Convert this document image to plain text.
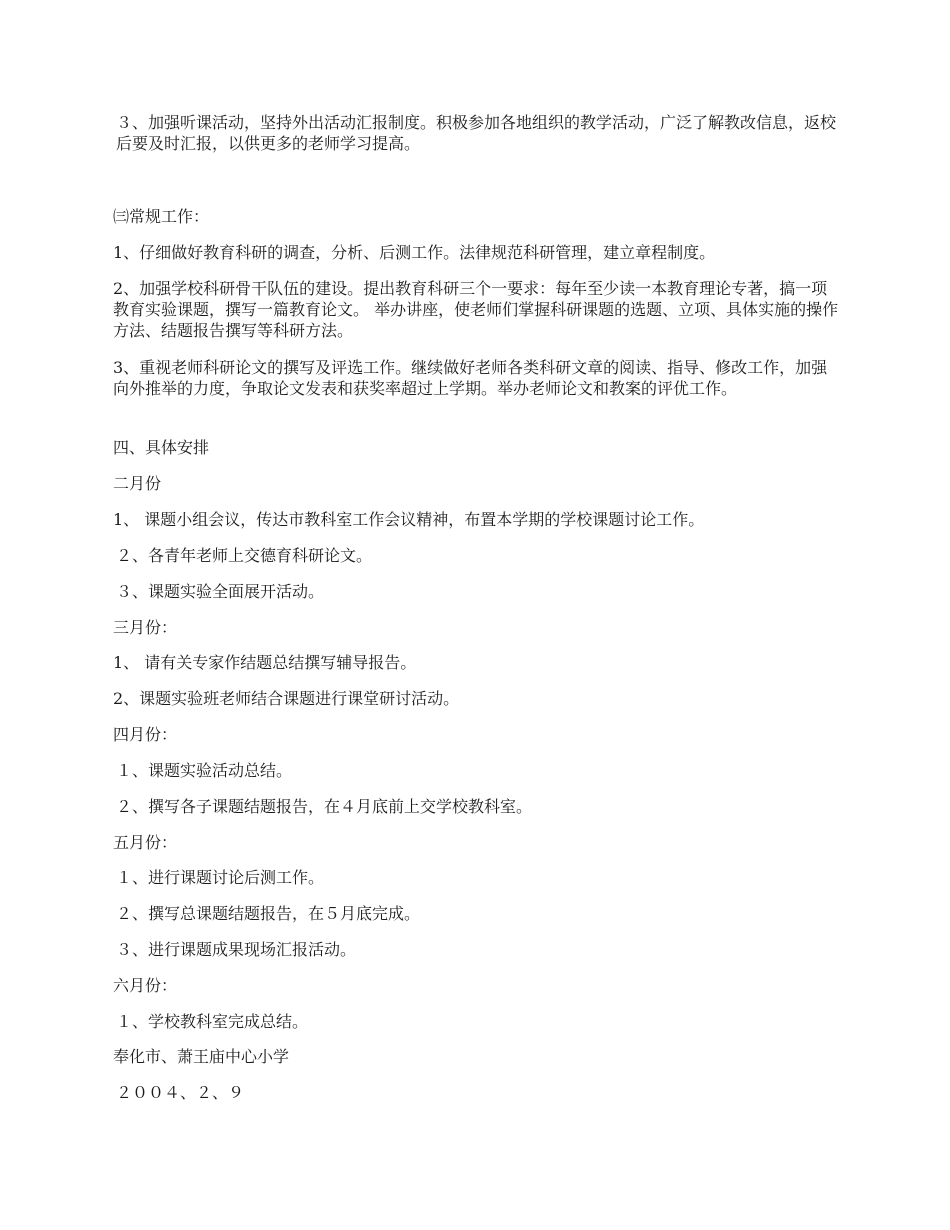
３、加强听课活动，坚持外出活动汇报制度。积极参加各地组织的教学活动，广泛了解教改信息，返校后要及时汇报，以供更多的老师学习提高。

㈢常规工作：

1、仔细做好教育科研的调查，分析、后测工作。法律规范科研管理，建立章程制度。

2、加强学校科研骨干队伍的建设。提出教育科研三个一要求：每年至少读一本教育理论专著，搞一项教育实验课题，撰写一篇教育论文。 举办讲座，使老师们掌握科研课题的选题、立项、具体实施的操作方法、结题报告撰写等科研方法。

3、重视老师科研论文的撰写及评选工作。继续做好老师各类科研文章的阅读、指导、修改工作，加强向外推举的力度，争取论文发表和获奖率超过上学期。举办老师论文和教案的评优工作。

四、具体安排

二月份

1、 课题小组会议，传达市教科室工作会议精神，布置本学期的学校课题讨论工作。

２、各青年老师上交德育科研论文。

３、课题实验全面展开活动。

三月份：

1、 请有关专家作结题总结撰写辅导报告。

2、课题实验班老师结合课题进行课堂研讨活动。

四月份：

１、课题实验活动总结。

２、撰写各子课题结题报告，在４月底前上交学校教科室。

五月份：

１、进行课题讨论后测工作。

２、撰写总课题结题报告，在５月底完成。

３、进行课题成果现场汇报活动。

六月份：

１、学校教科室完成总结。

奉化市、萧王庙中心小学

２００４、２、９
